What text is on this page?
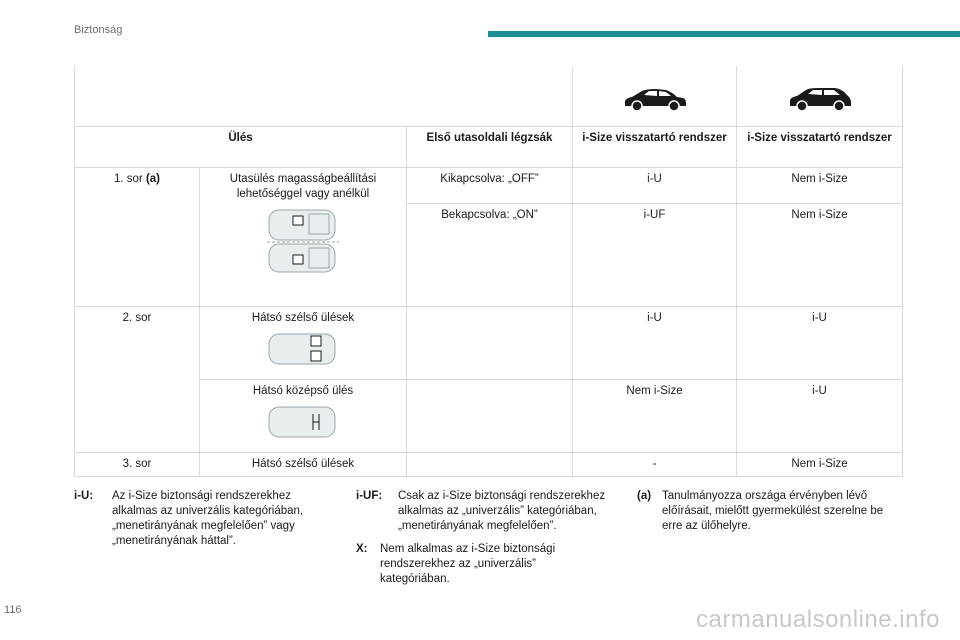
Biztonság

Ülés		Első utasoldali légzsák	i-Size visszatartó rendszer	i-Size visszatartó rendszer
1. sor (a)	Utasülés magasságbeállítási lehetőséggel vagy anélkül	Kikapcsolva: „OFF”	i-U	Nem i-Size
		Bekapcsolva: „ON”	i-UF	Nem i-Size
2. sor	Hátsó szélső ülések		i-U	i-U

	Hátsó középső ülés		Nem i-Size	i-U
3. sor	Hátsó szélső ülések		-	Nem i-Size
i-U: Az i-Size biztonsági rendszerekhez alkalmas az univerzális kategóriában, „menetirányának megfelelően” vagy „menetirányának háttal”.
i-UF: Csak az i-Size biztonsági rendszerekhez alkalmas az „univerzális” kategóriában, „menetirányának megfelelően”.
X: Nem alkalmas az i-Size biztonsági rendszerekhez az „univerzális” kategóriában.
(a) Tanulmányozza országa érvényben lévő előírásait, mielőtt gyermekülést szerelne be erre az ülőhelyre.
116	carmanualsonline.info
